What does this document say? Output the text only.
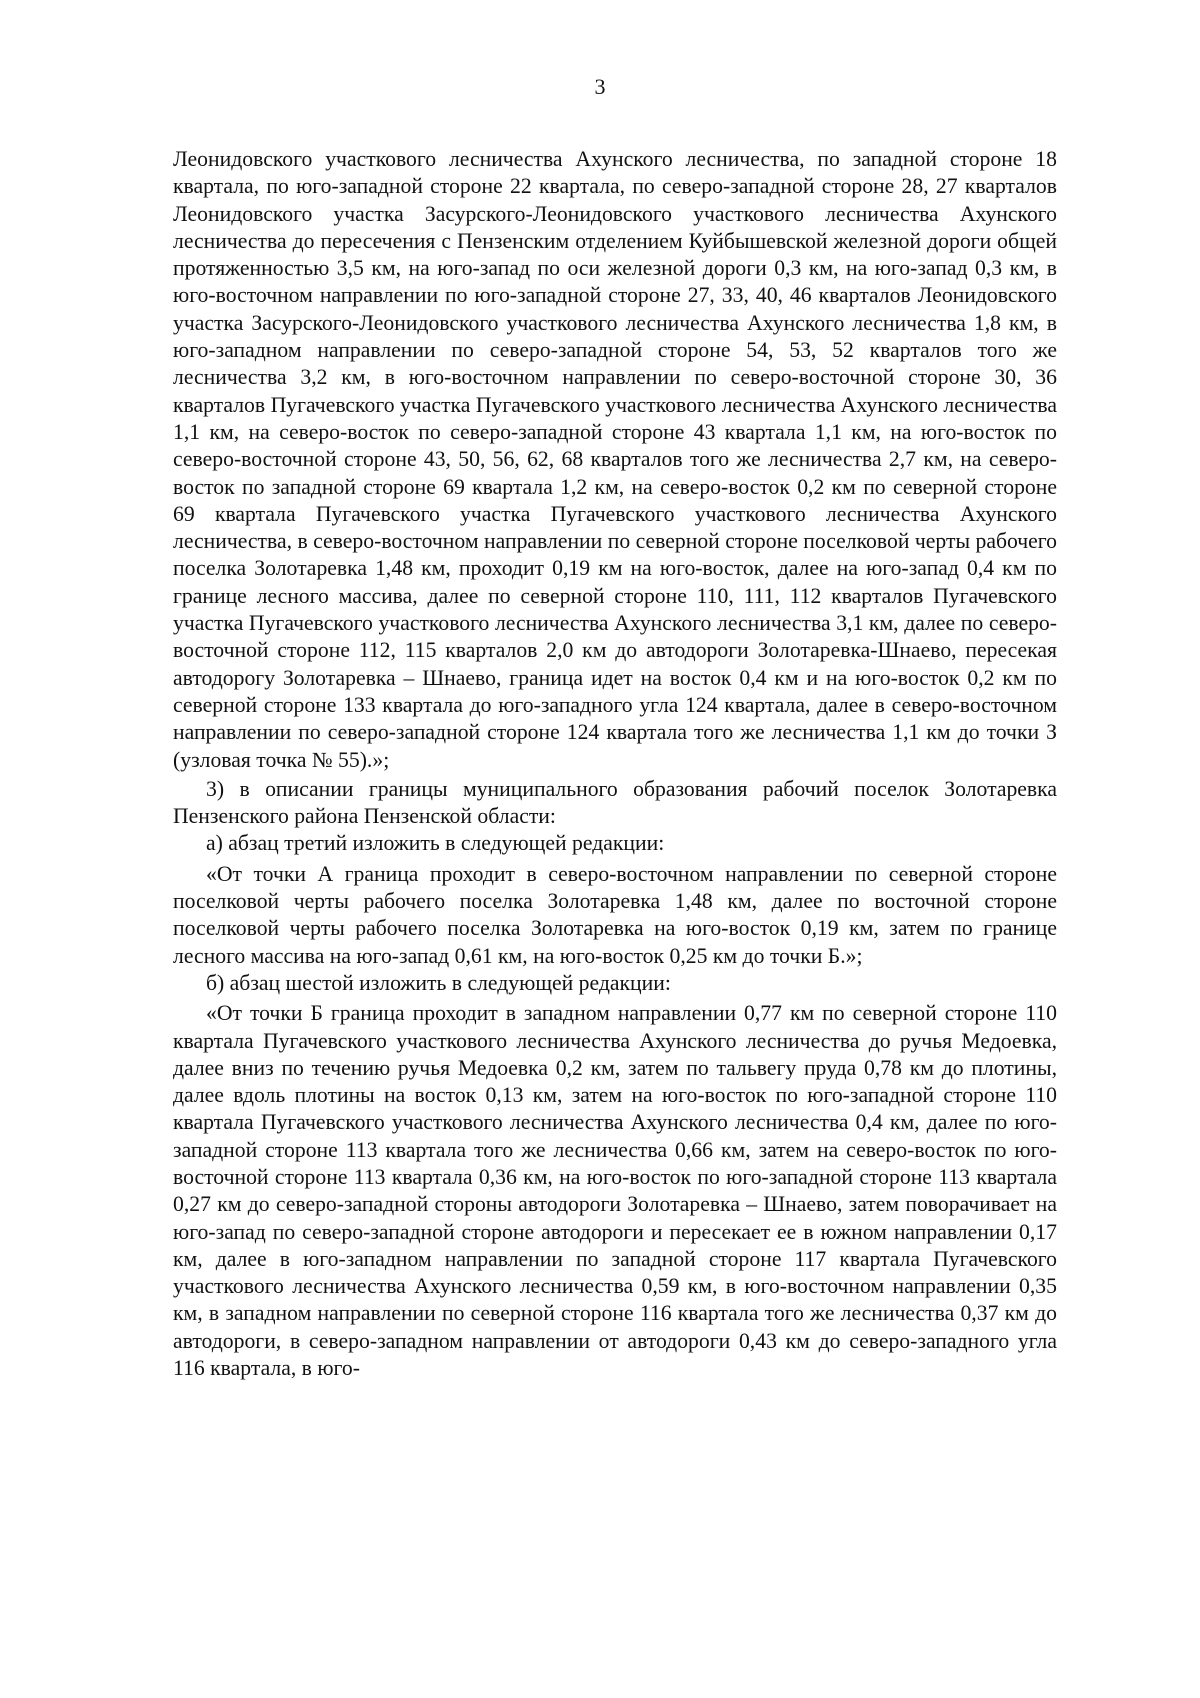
3

Леонидовского участкового лесничества Ахунского лесничества, по западной стороне 18 квартала, по юго-западной стороне 22 квартала, по северо-западной стороне 28, 27 кварталов Леонидовского участка Засурского-Леонидовского участкового лесничества Ахунского лесничества до пересечения с Пензенским отделением Куйбышевской железной дороги общей протяженностью 3,5 км, на юго-запад по оси железной дороги 0,3 км, на юго-запад 0,3 км, в юго-восточном направлении по юго-западной стороне 27, 33, 40, 46 кварталов Леонидовского участка Засурского-Леонидовского участкового лесничества Ахунского лесничества 1,8 км, в юго-западном направлении по северо-западной стороне 54, 53, 52 кварталов того же лесничества 3,2 км, в юго-восточном направлении по северо-восточной стороне 30, 36 кварталов Пугачевского участка Пугачевского участкового лесничества Ахунского лесничества 1,1 км, на северо-восток по северо-западной стороне 43 квартала 1,1 км, на юго-восток по северо-восточной стороне 43, 50, 56, 62, 68 кварталов того же лесничества 2,7 км, на северо-восток по западной стороне 69 квартала 1,2 км, на северо-восток 0,2 км по северной стороне 69 квартала Пугачевского участка Пугачевского участкового лесничества Ахунского лесничества, в северо-восточном направлении по северной стороне поселковой черты рабочего поселка Золотаревка 1,48 км, проходит 0,19 км на юго-восток, далее на юго-запад 0,4 км по границе лесного массива, далее по северной стороне 110, 111, 112 кварталов Пугачевского участка Пугачевского участкового лесничества Ахунского лесничества 3,1 км, далее по северо-восточной стороне 112, 115 кварталов 2,0 км до автодороги Золотаревка-Шнаево, пересекая автодорогу Золотаревка – Шнаево, граница идет на восток 0,4 км и на юго-восток 0,2 км по северной стороне 133 квартала до юго-западного угла 124 квартала, далее в северо-восточном направлении по северо-западной стороне 124 квартала того же лесничества 1,1 км до точки З (узловая точка № 55).»;

3) в описании границы муниципального образования рабочий поселок Золотаревка Пензенского района Пензенской области:

а) абзац третий изложить в следующей редакции:

«От точки А граница проходит в северо-восточном направлении по северной стороне поселковой черты рабочего поселка Золотаревка 1,48 км, далее по восточной стороне поселковой черты рабочего поселка Золотаревка на юго-восток 0,19 км, затем по границе лесного массива на юго-запад 0,61 км, на юго-восток 0,25 км до точки Б.»;

б) абзац шестой изложить в следующей редакции:

«От точки Б граница проходит в западном направлении 0,77 км по северной стороне 110 квартала Пугачевского участкового лесничества Ахунского лесничества до ручья Медоевка, далее вниз по течению ручья Медоевка 0,2 км, затем по тальвегу пруда 0,78 км до плотины, далее вдоль плотины на восток 0,13 км, затем на юго-восток по юго-западной стороне 110 квартала Пугачевского участкового лесничества Ахунского лесничества 0,4 км, далее по юго-западной стороне 113 квартала того же лесничества 0,66 км, затем на северо-восток по юго-восточной стороне 113 квартала 0,36 км, на юго-восток по юго-западной стороне 113 квартала 0,27 км до северо-западной стороны автодороги Золотаревка – Шнаево, затем поворачивает на юго-запад по северо-западной стороне автодороги и пересекает ее в южном направлении 0,17 км, далее в юго-западном направлении по западной стороне 117 квартала Пугачевского участкового лесничества Ахунского лесничества 0,59 км, в юго-восточном направлении 0,35 км, в западном направлении по северной стороне 116 квартала того же лесничества 0,37 км до автодороги, в северо-западном направлении от автодороги 0,43 км до северо-западного угла 116 квартала, в юго-
